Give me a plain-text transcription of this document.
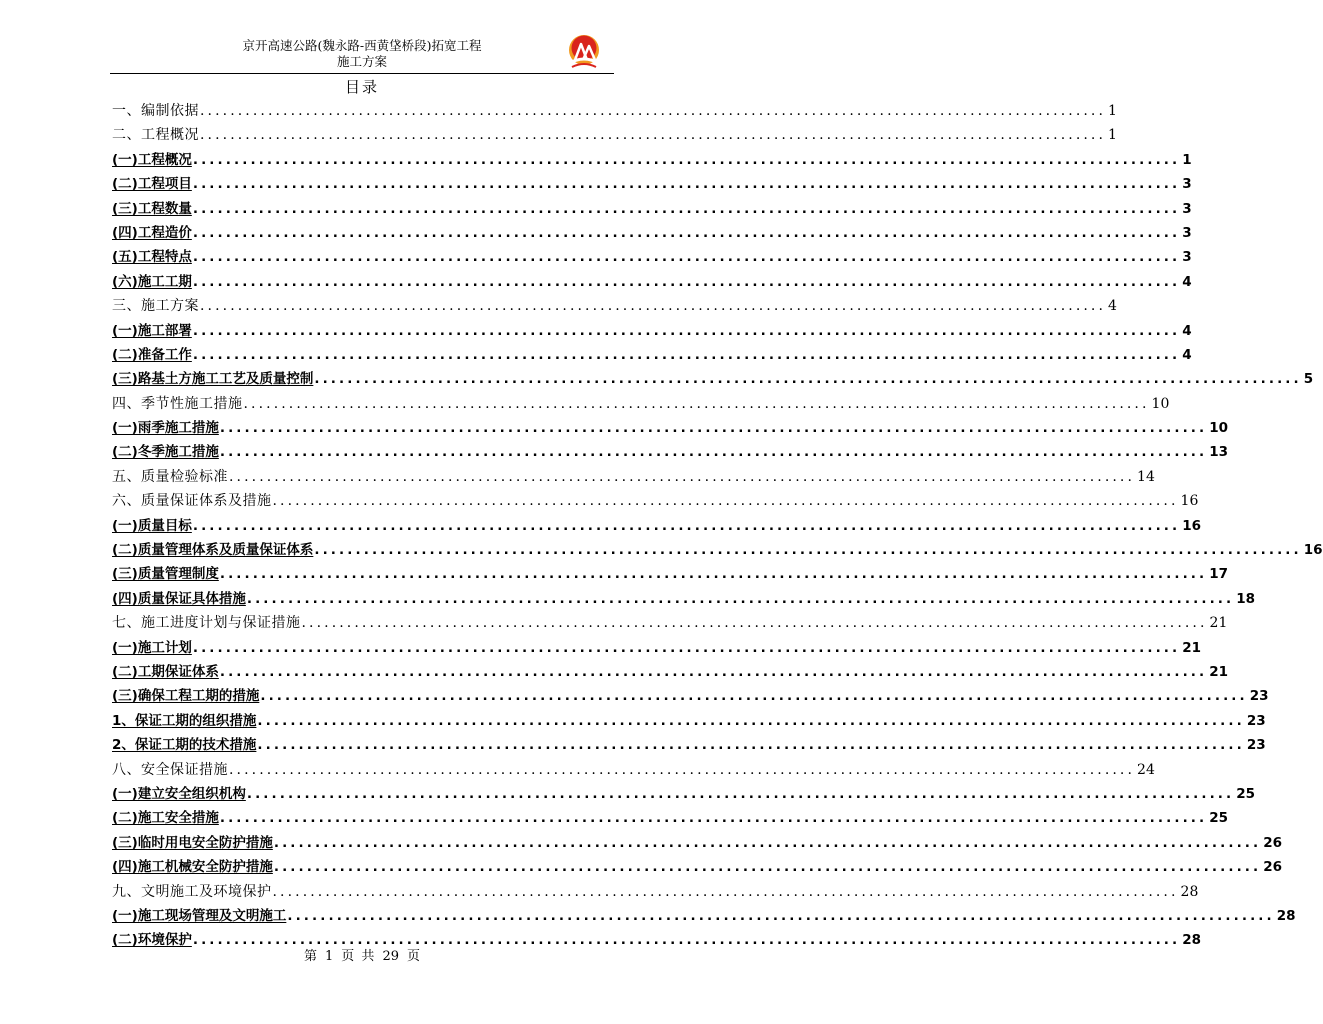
京开高速公路(魏永路-西黄垡桥段)拓宽工程
施工方案
目录
一、编制依据 ........................................................................................................................ 1
二、工程概况 ........................................................................................................................ 1
(一)工程概况 ........................................................................................................................ 1
(二)工程项目 ........................................................................................................................ 3
(三)工程数量 ........................................................................................................................ 3
(四)工程造价 ........................................................................................................................ 3
(五)工程特点 ........................................................................................................................ 3
(六)施工工期 ........................................................................................................................ 4
三、施工方案 ........................................................................................................................ 4
(一)施工部署 ........................................................................................................................ 4
(二)准备工作 ........................................................................................................................ 4
(三)路基土方施工工艺及质量控制 ........................................................................................................................ 5
四、季节性施工措施 ........................................................................................................................ 10
(一)雨季施工措施 ........................................................................................................................ 10
(二)冬季施工措施 ........................................................................................................................ 13
五、质量检验标准 ........................................................................................................................ 14
六、质量保证体系及措施 ........................................................................................................................ 16
(一)质量目标 ........................................................................................................................ 16
(二)质量管理体系及质量保证体系 ........................................................................................................................ 16
(三)质量管理制度 ........................................................................................................................ 17
(四)质量保证具体措施 ........................................................................................................................ 18
七、施工进度计划与保证措施 ........................................................................................................................ 21
(一)施工计划 ........................................................................................................................ 21
(二)工期保证体系 ........................................................................................................................ 21
(三)确保工程工期的措施 ........................................................................................................................ 23
1、保证工期的组织措施 ........................................................................................................................ 23
2、保证工期的技术措施 ........................................................................................................................ 23
八、安全保证措施 ........................................................................................................................ 24
(一)建立安全组织机构 ........................................................................................................................ 25
(二)施工安全措施 ........................................................................................................................ 25
(三)临时用电安全防护措施 ........................................................................................................................ 26
(四)施工机械安全防护措施 ........................................................................................................................ 26
九、文明施工及环境保护 ........................................................................................................................ 28
(一)施工现场管理及文明施工 ........................................................................................................................ 28
(二)环境保护 ........................................................................................................................ 28
第 1 页 共 29 页
